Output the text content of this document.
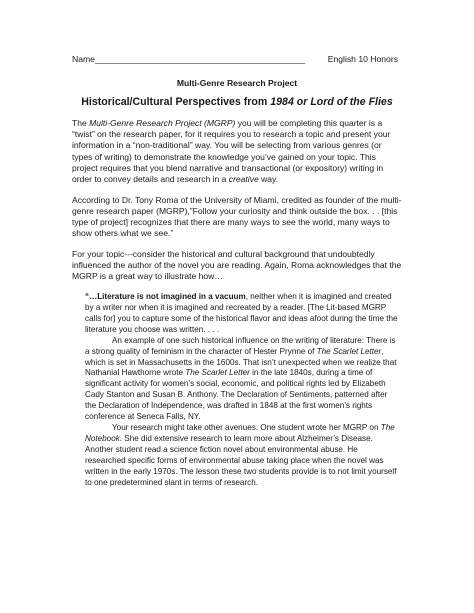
Name____________________________________________	English 10 Honors
Multi-Genre Research Project
Historical/Cultural Perspectives from 1984 or Lord of the Flies

The Multi-Genre Research Project (MGRP) you will be completing this quarter is a “twist” on the research paper, for it requires you to research a topic and present your information in a “non-traditional” way. You will be selecting from various genres (or types of writing) to demonstrate the knowledge you’ve gained on your topic. This project requires that you blend narrative and transactional (or expository) writing in order to convey details and research in a creative way.

According to Dr. Tony Roma of the University of Miami, credited as founder of the multi-genre research paper (MGRP),”Follow your curiosity and think outside the box. . . [this type of project] recognizes that there are many ways to see the world, many ways to show others what we see.”

For your topic---consider the historical and cultural background that undoubtedly influenced the author of the novel you are reading. Again, Roma acknowledges that the MGRP is a great way to illustrate how…

“…Literature is not imagined in a vacuum, neither when it is imagined and created by a writer nor when it is imagined and recreated by a reader. [The Lit-based MGRP calls for] you to capture some of the historical flavor and ideas afoot during the time the literature you choose was written. . . .

An example of one such historical influence on the writing of literature: There is a strong quality of feminism in the character of Hester Prynne of The Scarlet Letter, which is set in Massachusetts in the 1600s. That isn’t unexpected when we realize that Nathanial Hawthorne wrote The Scarlet Letter in the late 1840s, during a time of significant activity for women’s social, economic, and political rights led by Elizabeth Cady Stanton and Susan B. Anthony. The Declaration of Sentiments, patterned after the Declaration of Independence, was drafted in 1848 at the first women’s rights conference at Seneca Falls, NY.

Your research might take other avenues. One student wrote her MGRP on The Notebook. She did extensive research to learn more about Alzheimer’s Disease. Another student read a science fiction novel about environmental abuse. He researched specific forms of environmental abuse taking place when the novel was written in the early 1970s. The lesson these two students provide is to not limit yourself to one predetermined slant in terms of research.
